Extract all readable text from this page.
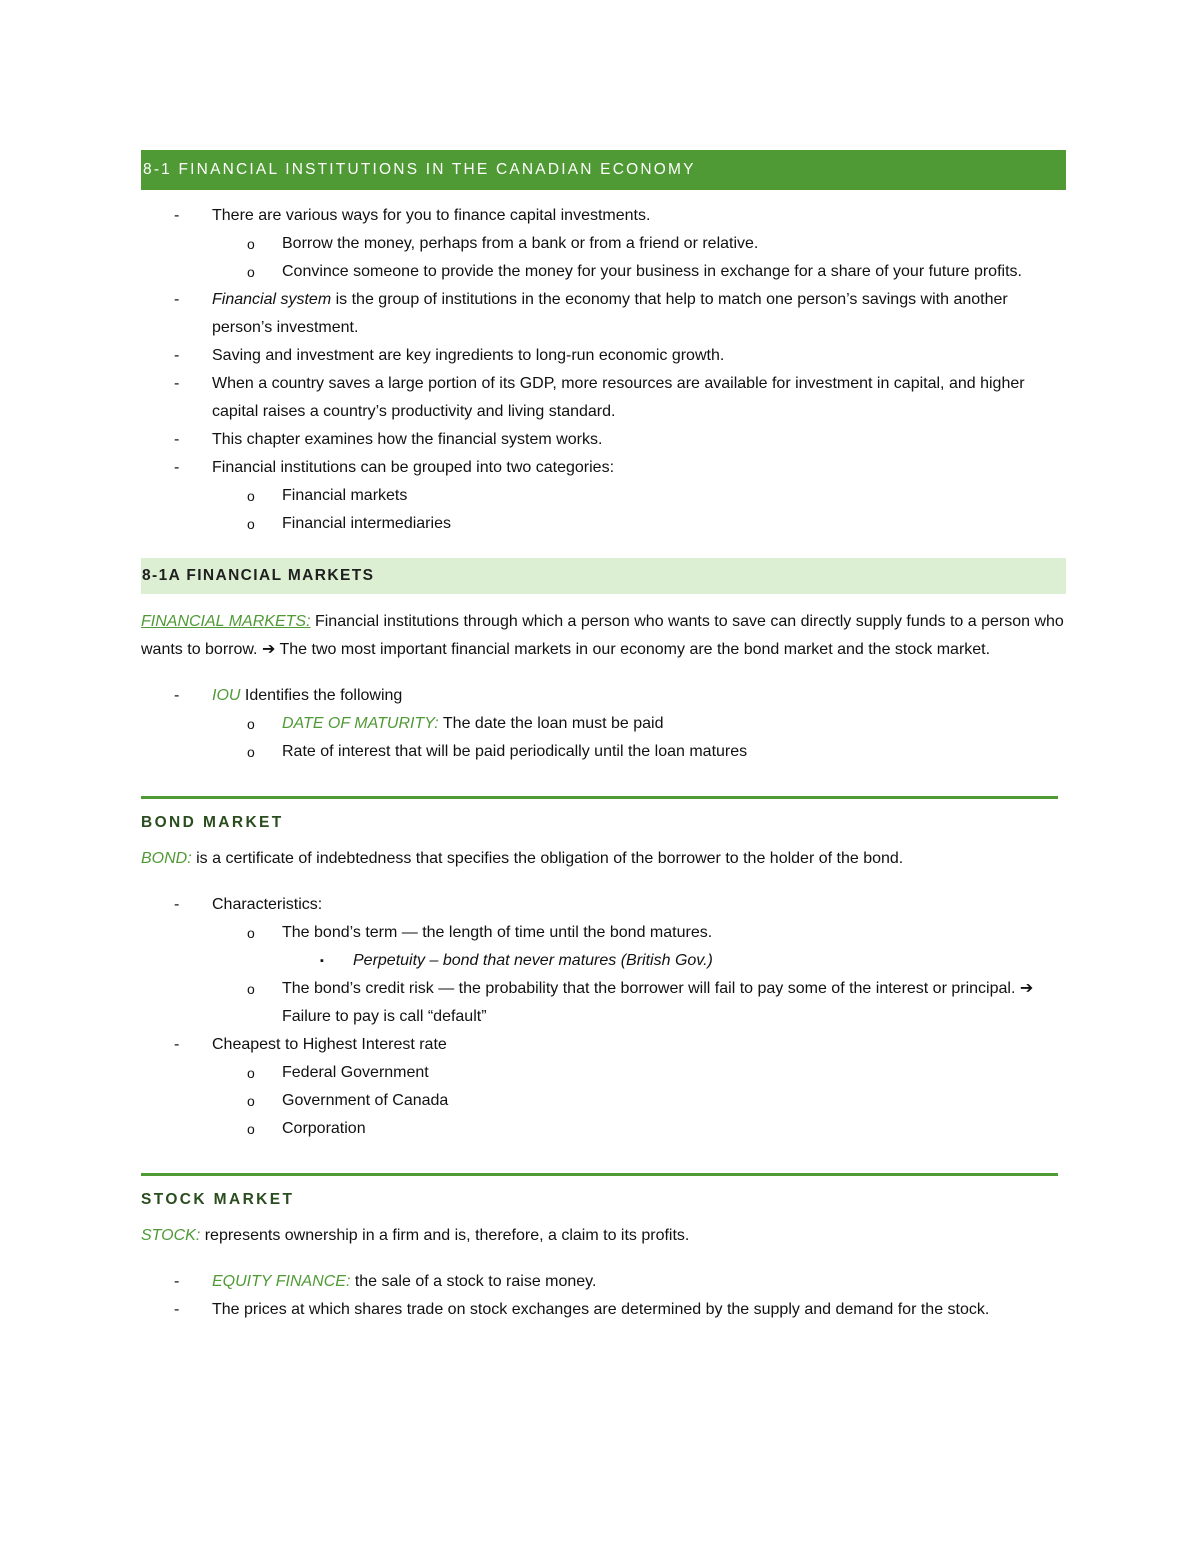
8-1 FINANCIAL INSTITUTIONS IN THE CANADIAN ECONOMY
- There are various ways for you to finance capital investments.
o Borrow the money, perhaps from a bank or from a friend or relative.
o Convince someone to provide the money for your business in exchange for a share of your future profits.
- Financial system is the group of institutions in the economy that help to match one person’s savings with another person’s investment.
- Saving and investment are key ingredients to long-run economic growth.
- When a country saves a large portion of its GDP, more resources are available for investment in capital, and higher capital raises a country’s productivity and living standard.
- This chapter examines how the financial system works.
- Financial institutions can be grouped into two categories:
o Financial markets
o Financial intermediaries
8-1A FINANCIAL MARKETS
FINANCIAL MARKETS: Financial institutions through which a person who wants to save can directly supply funds to a person who wants to borrow. ➔ The two most important financial markets in our economy are the bond market and the stock market.
- IOU Identifies the following
o DATE OF MATURITY: The date the loan must be paid
o Rate of interest that will be paid periodically until the loan matures
BOND MARKET
BOND: is a certificate of indebtedness that specifies the obligation of the borrower to the holder of the bond.
- Characteristics:
o The bond’s term — the length of time until the bond matures.
▪ Perpetuity – bond that never matures (British Gov.)
o The bond’s credit risk — the probability that the borrower will fail to pay some of the interest or principal. ➔ Failure to pay is call “default”
- Cheapest to Highest Interest rate
o Federal Government
o Government of Canada
o Corporation
STOCK MARKET
STOCK: represents ownership in a firm and is, therefore, a claim to its profits.
- EQUITY FINANCE: the sale of a stock to raise money.
- The prices at which shares trade on stock exchanges are determined by the supply and demand for the stock.
